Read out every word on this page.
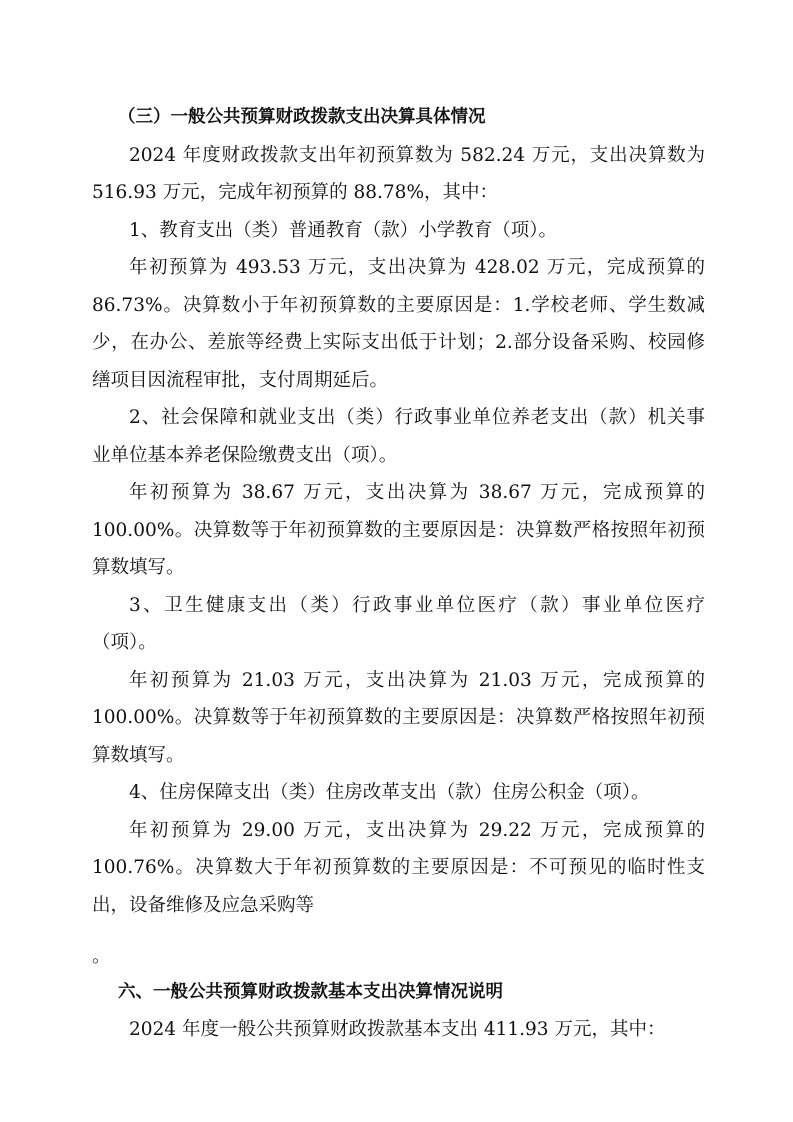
（三）一般公共预算财政拨款支出决算具体情况
2024 年度财政拨款支出年初预算数为 582.24 万元，支出决算数为
516.93 万元，完成年初预算的 88.78%，其中：
1、教育支出（类）普通教育（款）小学教育（项）。
年初预算为 493.53 万元，支出决算为 428.02 万元，完成预算的
86.73%。决算数小于年初预算数的主要原因是：1.学校老师、学生数减
少，在办公、差旅等经费上实际支出低于计划；2.部分设备采购、校园修
缮项目因流程审批，支付周期延后。
2、社会保障和就业支出（类）行政事业单位养老支出（款）机关事
业单位基本养老保险缴费支出（项）。
年初预算为 38.67 万元，支出决算为 38.67 万元，完成预算的
100.00%。决算数等于年初预算数的主要原因是：决算数严格按照年初预
算数填写。
3、卫生健康支出（类）行政事业单位医疗（款）事业单位医疗
（项）。
年初预算为 21.03 万元，支出决算为 21.03 万元，完成预算的
100.00%。决算数等于年初预算数的主要原因是：决算数严格按照年初预
算数填写。
4、住房保障支出（类）住房改革支出（款）住房公积金（项）。
年初预算为 29.00 万元，支出决算为 29.22 万元，完成预算的
100.76%。决算数大于年初预算数的主要原因是：不可预见的临时性支
出，设备维修及应急采购等
。
六、一般公共预算财政拨款基本支出决算情况说明
2024 年度一般公共预算财政拨款基本支出 411.93 万元，其中：
